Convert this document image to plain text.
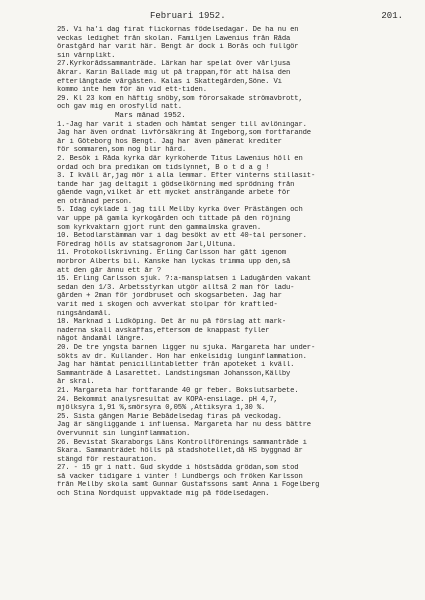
Februari 1952.	201.
25. Vi ha'i dag firat flickornas födelsedagar. De ha nu en
veckas ledighet från skolan. Familjen Lawenius från Råda
örastgård har varit här. Bengt är dock i Borås och fullgör
sin värnplikt.
27.Kyrkorådssammanträde. Lärkan har spelat över vårljusa
åkrar. Karin Ballade mig ut på trappan,för att hälsa den
efterlängtade vårgästen. Kalas i Skattegården,Söne. Vi
kommo inte hem för än vid ett-tiden.
29. Kl 23 kom en häftig snöby,som förorsakade strömavbrott,
och gav mig en orosfylld natt.
Mars månad 1952.
1.-Jag har varit i staden och hämtat senger till avlöningar.
Jag har även ordnat livförsäkring åt Ingeborg,som fortfarande
är i Göteborg hos Bengt. Jag har även påmerat krediter
för sommaren,som nog blir hård.
2. Besök i Råda kyrka där kyrkoherde Titus Lawenius höll en
ordad och bra predikan om tidslynnet, B o t d a g !
3. I kväll är,jag mör i alla lemmar. Efter vinterns stillasit-
tande har jag deltagit i gödselkörning med sprödning från
gående vagn,vilket är ett mycket ansträngande arbete för
en otränad person.
5. Idag cyklade i jag till Mellby kyrka över Prästängen och
var uppe på gamla kyrkogården och tittade på den röjning
som kyrkvaktarn gjort runt den gammalmska graven.
10. Betodlarstämman var i dag besökt av ett 40-tal personer.
Föredrag hölls av statsagronom Jarl,Ultuna.
11. Protokollskrivning. Erling Carlsson har gått igenom
morbror Alberts bil. Kanske han lyckas trimma upp den,så
att den går ännu ett år ?
15. Erling Carlsson sjuk. ?:a-mansplatsen i Ladugården vakant
sedan den 1/3. Arbetsstyrkan utgör alltså 2 man för ladu-
gården + 2man för jordbruset och skogsarbeten. Jag har
varit med i skogen och avverkat stolpar för kraftled-
ningsändamål.
18. Marknad i Lidköping. Det är nu på förslag att mark-
naderna skall avskaffas,eftersom de knappast fyller
något ändamål längre.
20. De tre yngsta barnen ligger nu sjuka. Margareta har under-
sökts av dr. Kullander. Hon har enkelsidig lunginflammation.
Jag har hämtat penicillintabletter från apoteket i kväll.
Sammanträde å Lasarettet. Landstingsman Johansson,Källby
är skral.
21. Margareta har fortfarande 40 gr feber. Bokslutsarbete.
24. Bekommit analysresultat av KOPA-ensilage. pH 4,7,
mjölksyra 1,91 %,smörsyra 0,05% ,Ättiksyra 1,30 %.
25. Sista gången Marie Bebådelsedag firas på veckodag.
Jag är sängliggande i influensa. Margareta har nu dess bättre
övervunnit sin lunginflammation.
26. Bevistat Skaraborgs Läns Kontrollförenings sammanträde i
Skara. Sammanträdet hölls på stadshotellet,då HS byggnad är
stängd för restauration.
27. - 15 gr i natt. Gud skydde i höstsådda grödan,som stod
så vacker tidigare i vinter ! Lundbergs och fröken Karlsson
från Mellby skola samt Gunnar Gustafssons samt Anna i Fogelberg
och Stina Nordquist uppvaktade mig på födelsedagen.
